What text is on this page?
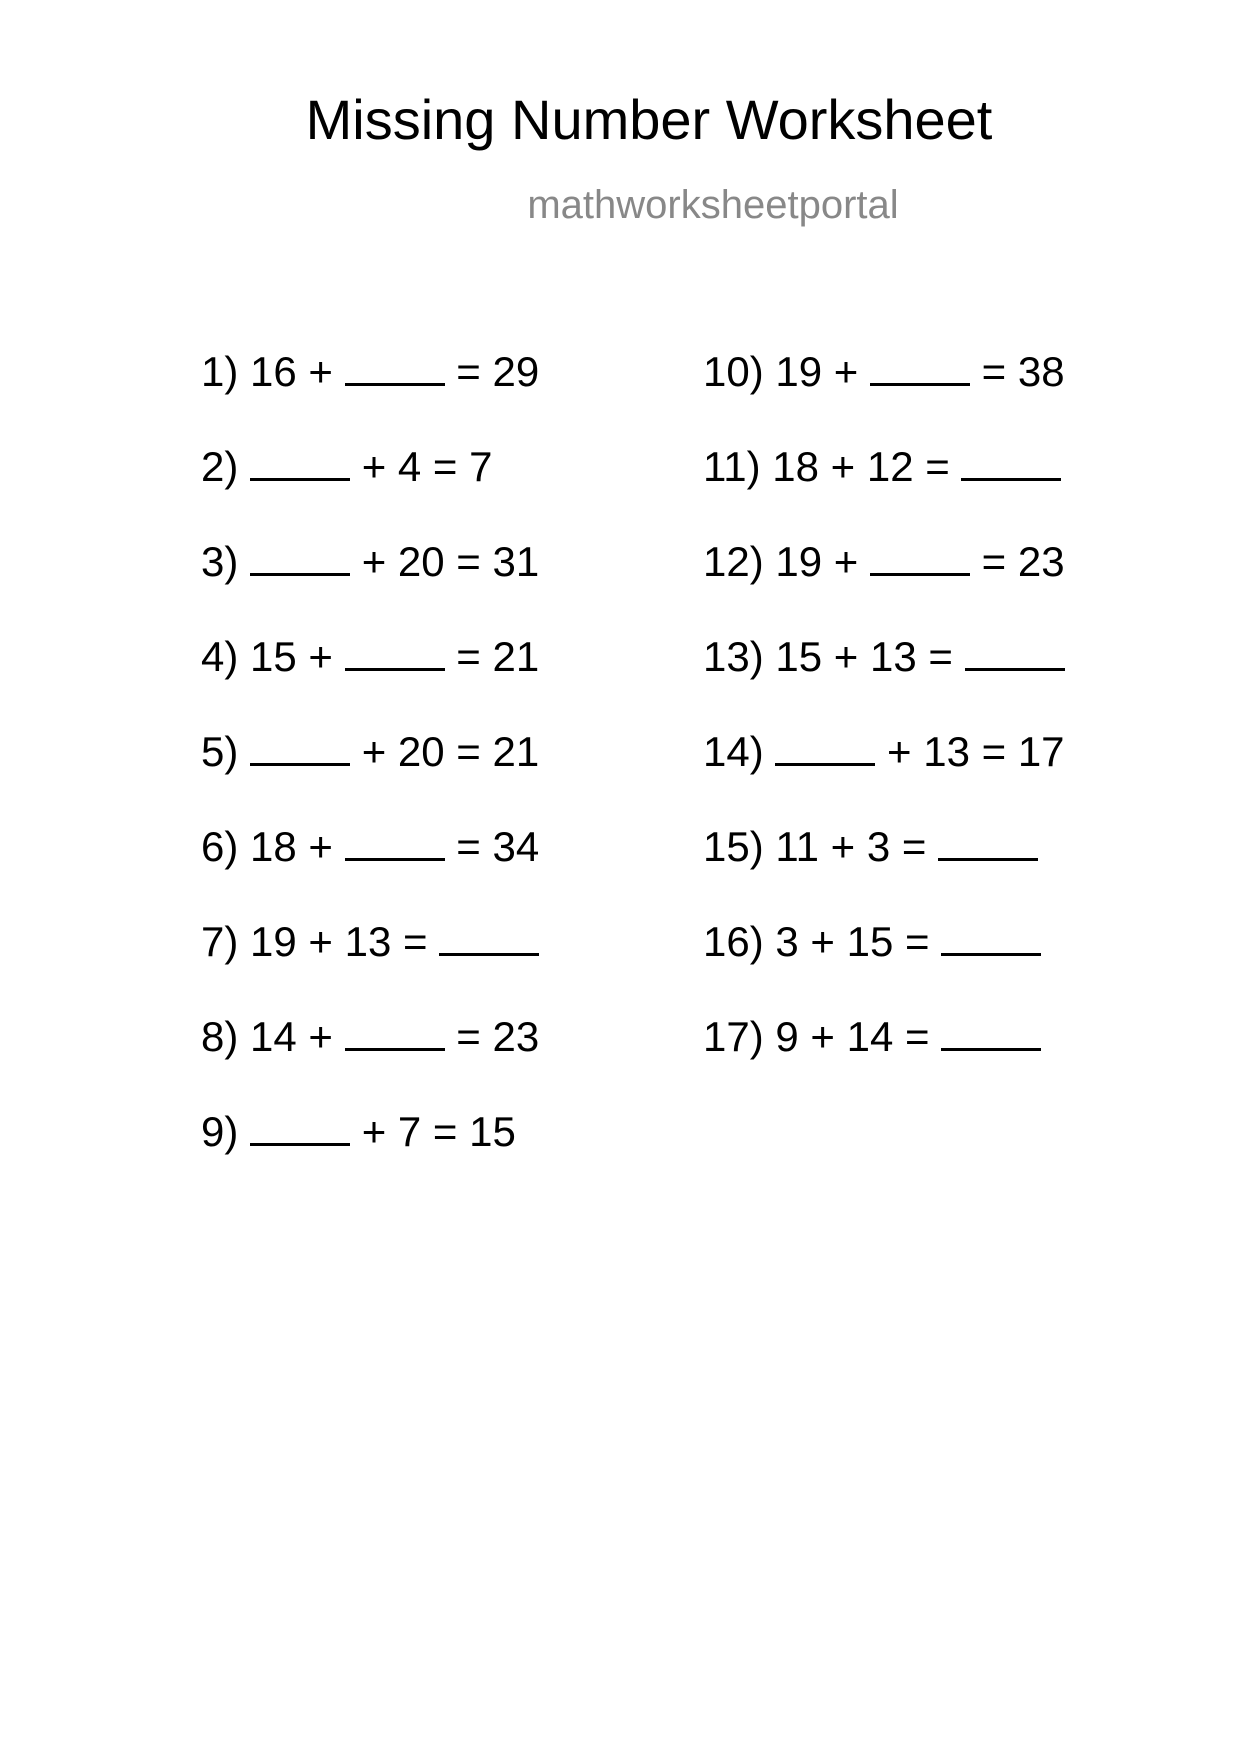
Missing Number Worksheet
mathworksheetportal
1) 16 +	= 29
2)	+ 4 = 7
3)	+ 20 = 31
4) 15 +	= 21
5)	+ 20 = 21
6) 18 +	= 34
7) 19 + 13 =
8) 14 +	= 23
9)	+ 7 = 15
10) 19 +	= 38
11) 18 + 12 =
12) 19 +	= 23
13) 15 + 13 =
14)	+ 13 = 17
15) 11 + 3 =
16) 3 + 15 =
17) 9 + 14 =
